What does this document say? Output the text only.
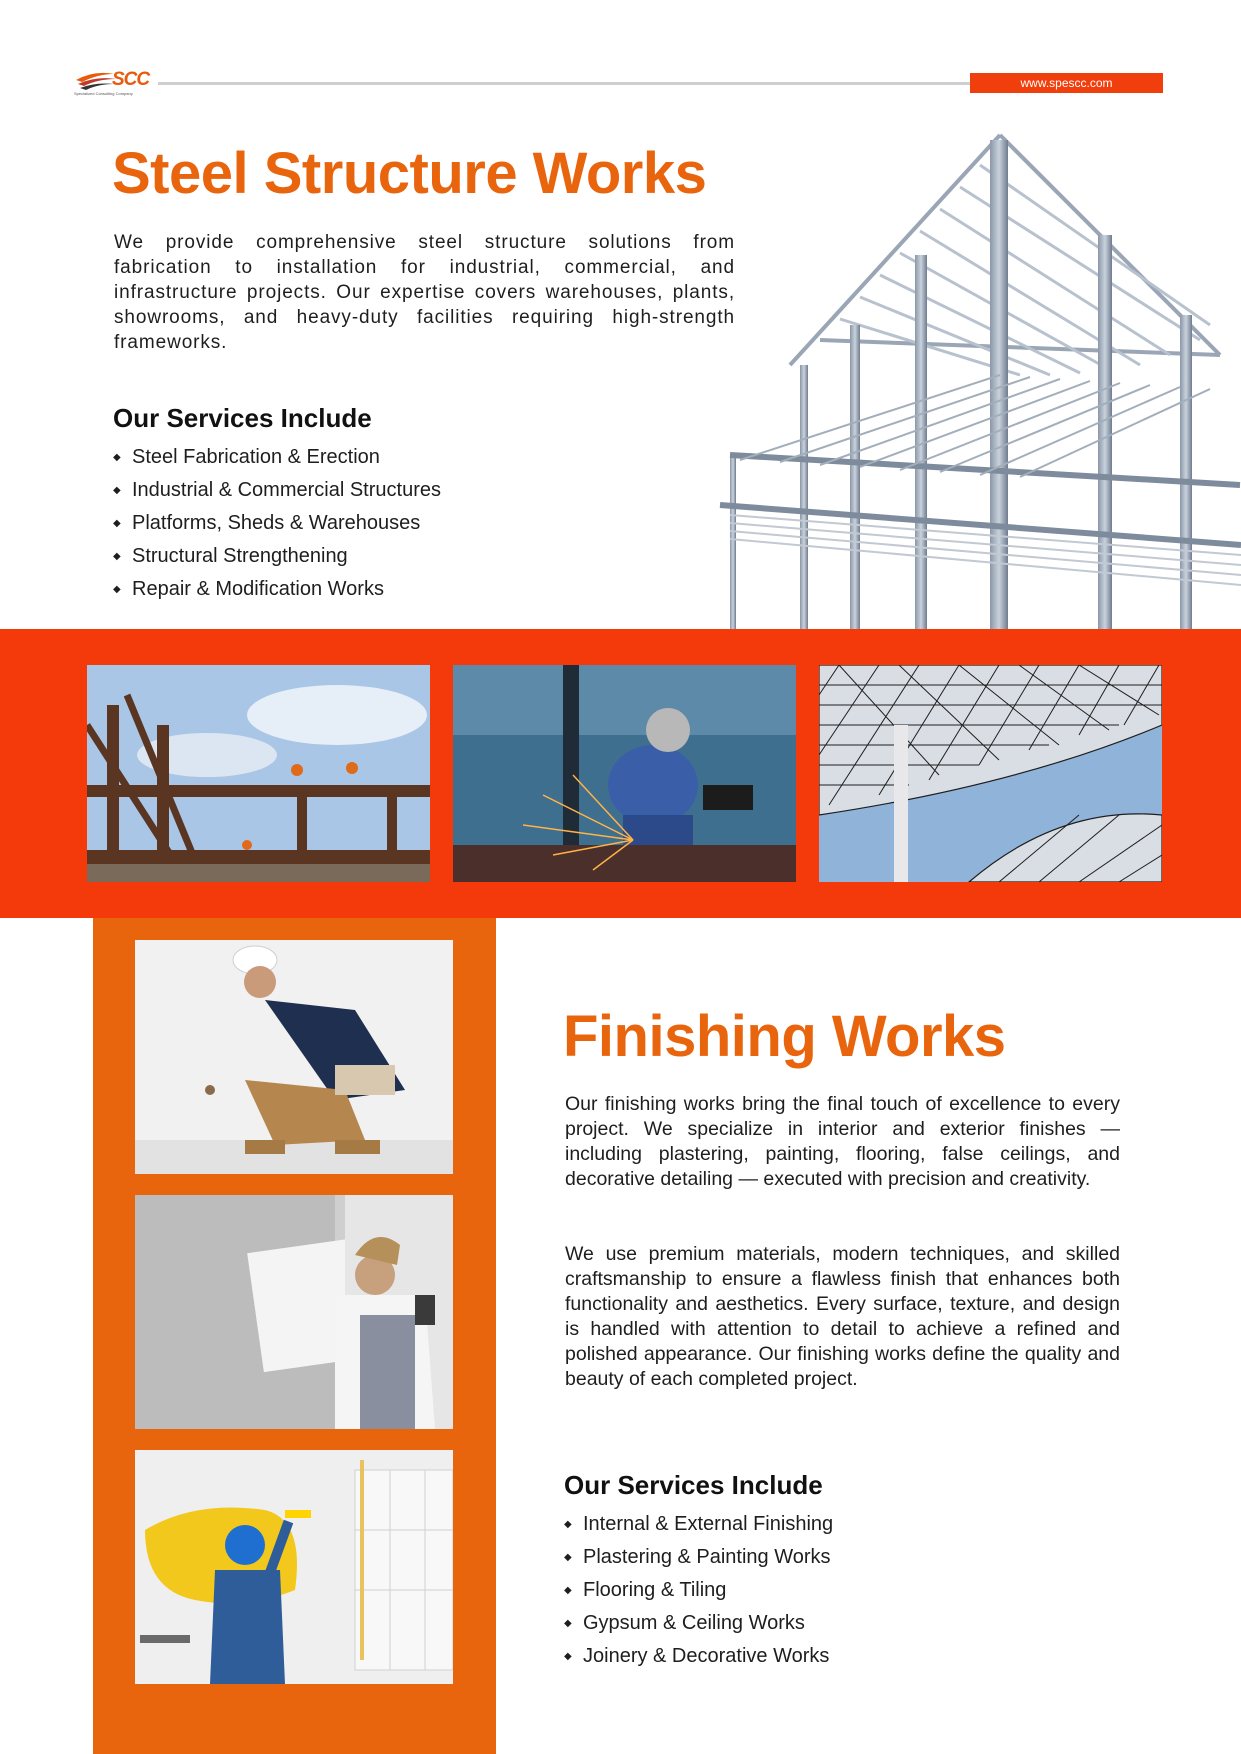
SCC
Specialized Consulting Company
www.spescc.com
Steel Structure Works
We provide comprehensive steel structure solutions from fabrication to installation for industrial, commercial, and infrastructure projects. Our expertise covers warehouses, plants, showrooms, and heavy-duty facilities requiring high-strength frameworks.
Our Services Include
◆ Steel Fabrication & Erection
◆ Industrial & Commercial Structures
◆ Platforms, Sheds & Warehouses
◆ Structural Strengthening
◆ Repair & Modification Works
Finishing Works
Our finishing works bring the final touch of excellence to every project. We specialize in interior and exterior finishes — including plastering, painting, flooring, false ceilings, and decorative detailing — executed with precision and creativity.
We use premium materials, modern techniques, and skilled craftsmanship to ensure a flawless finish that enhances both functionality and aesthetics. Every surface, texture, and design is handled with attention to detail to achieve a refined and polished appearance. Our finishing works define the quality and beauty of each completed project.
Our Services Include
◆ Internal & External Finishing
◆ Plastering & Painting Works
◆ Flooring & Tiling
◆ Gypsum & Ceiling Works
◆ Joinery & Decorative Works
